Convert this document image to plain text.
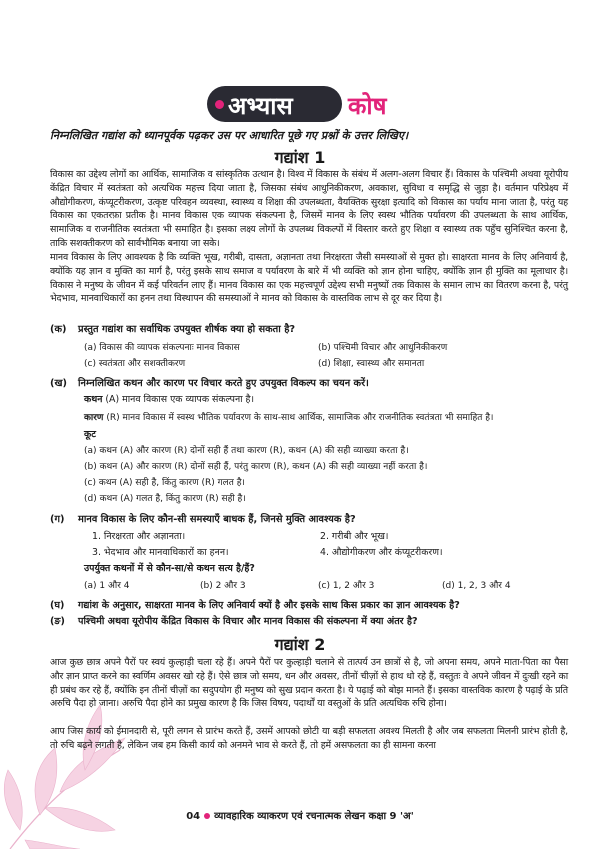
अभ्यास कोष
निम्नलिखित गद्यांश को ध्यानपूर्वक पढ़कर उस पर आधारित पूछे गए प्रश्नों के उत्तर लिखिए।
गद्यांश 1
विकास का उद्देश्य लोगों का आर्थिक, सामाजिक व सांस्कृतिक उत्थान है। विश्व में विकास के संबंध में अलग-अलग विचार हैं। विकास के पश्चिमी अथवा यूरोपीय केंद्रित विचार में स्वतंत्रता को अत्यधिक महत्त्व दिया जाता है, जिसका संबंध आधुनिकीकरण, अवकाश, सुविधा व समृद्धि से जुड़ा है। वर्तमान परिप्रेक्ष्य में औद्योगीकरण, कंप्यूटरीकरण, उत्कृष्ट परिवहन व्यवस्था, स्वास्थ्य व शिक्षा की उपलब्धता, वैयक्तिक सुरक्षा इत्यादि को विकास का पर्याय माना जाता है, परंतु यह विकास का एकतरफ़ा प्रतीक है। मानव विकास एक व्यापक संकल्पना है, जिसमें मानव के लिए स्वस्थ भौतिक पर्यावरण की उपलब्धता के साथ आर्थिक, सामाजिक व राजनीतिक स्वतंत्रता भी समाहित है। इसका लक्ष्य लोगों के उपलब्ध विकल्पों में विस्तार करते हुए शिक्षा व स्वास्थ्य तक पहुँच सुनिश्चित करना है, ताकि सशक्तीकरण को सार्वभौमिक बनाया जा सके।
मानव विकास के लिए आवश्यक है कि व्यक्ति भूख, गरीबी, दासता, अज्ञानता तथा निरक्षरता जैसी समस्याओं से मुक्त हो। साक्षरता मानव के लिए अनिवार्य है, क्योंकि यह ज्ञान व मुक्ति का मार्ग है, परंतु इसके साथ समाज व पर्यावरण के बारे में भी व्यक्ति को ज्ञान होना चाहिए, क्योंकि ज्ञान ही मुक्ति का मूलाधार है। विकास ने मनुष्य के जीवन में कई परिवर्तन लाए हैं। मानव विकास का एक महत्त्वपूर्ण उद्देश्य सभी मनुष्यों तक विकास के समान लाभ का वितरण करना है, परंतु भेदभाव, मानवाधिकारों का हनन तथा विस्थापन की समस्याओं ने मानव को विकास के वास्तविक लाभ से दूर कर दिया है।
(क) प्रस्तुत गद्यांश का सर्वाधिक उपयुक्त शीर्षक क्या हो सकता है?
(a) विकास की व्यापक संकल्पनाः मानव विकास	(b) पश्चिमी विचार और आधुनिकीकरण
(c) स्वतंत्रता और सशक्तीकरण	(d) शिक्षा, स्वास्थ्य और समानता
(ख) निम्नलिखित कथन और कारण पर विचार करते हुए उपयुक्त विकल्प का चयन करें।
कथन (A) मानव विकास एक व्यापक संकल्पना है।
कारण (R) मानव विकास में स्वस्थ भौतिक पर्यावरण के साथ-साथ आर्थिक, सामाजिक और राजनीतिक स्वतंत्रता भी समाहित है।
कूट
(a) कथन (A) और कारण (R) दोनों सही हैं तथा कारण (R), कथन (A) की सही व्याख्या करता है।
(b) कथन (A) और कारण (R) दोनों सही हैं, परंतु कारण (R), कथन (A) की सही व्याख्या नहीं करता है।
(c) कथन (A) सही है, किंतु कारण (R) गलत है।
(d) कथन (A) गलत है, किंतु कारण (R) सही है।
(ग) मानव विकास के लिए कौन-सी समस्याएँ बाधक हैं, जिनसे मुक्ति आवश्यक है?
1. निरक्षरता और अज्ञानता।	2. गरीबी और भूख।
3. भेदभाव और मानवाधिकारों का हनन।	4. औद्योगीकरण और कंप्यूटरीकरण।
उपर्युक्त कथनों में से कौन-सा/से कथन सत्य है/हैं?
(a) 1 और 4	(b) 2 और 3	(c) 1, 2 और 3	(d) 1, 2, 3 और 4
(घ) गद्यांश के अनुसार, साक्षरता मानव के लिए अनिवार्य क्यों है और इसके साथ किस प्रकार का ज्ञान आवश्यक है?
(ङ) पश्चिमी अथवा यूरोपीय केंद्रित विकास के विचार और मानव विकास की संकल्पना में क्या अंतर है?
गद्यांश 2
आज कुछ छात्र अपने पैरों पर स्वयं कुल्हाड़ी चला रहे हैं। अपने पैरों पर कुल्हाड़ी चलाने से तात्पर्य उन छात्रों से है, जो अपना समय, अपने माता-पिता का पैसा और ज्ञान प्राप्त करने का स्वर्णिम अवसर खो रहे हैं। ऐसे छात्र जो समय, धन और अवसर, तीनों चीज़ों से हाथ धो रहे हैं, वस्तुतः वे अपने जीवन में दुःखी रहने का ही प्रबंध कर रहे हैं, क्योंकि इन तीनों चीज़ों का सदुपयोग ही मनुष्य को सुख प्रदान करता है। ये पढ़ाई को बोझ मानते हैं। इसका वास्तविक कारण है पढ़ाई के प्रति अरुचि पैदा हो जाना। अरुचि पैदा होने का प्रमुख कारण है कि जिस विषय, पदार्थों या वस्तुओं के प्रति अत्यधिक रुचि होना।
आप जिस कार्य को ईमानदारी से, पूरी लगन से प्रारंभ करते हैं, उसमें आपको छोटी या बड़ी सफलता अवश्य मिलती है और जब सफलता मिलनी प्रारंभ होती है, तो रुचि बढ़ने लगती है, लेकिन जब हम किसी कार्य को अनमने भाव से करते हैं, तो हमें असफलता का ही सामना करना
04 व्यावहारिक व्याकरण एवं रचनात्मक लेखन कक्षा 9 'अ'
